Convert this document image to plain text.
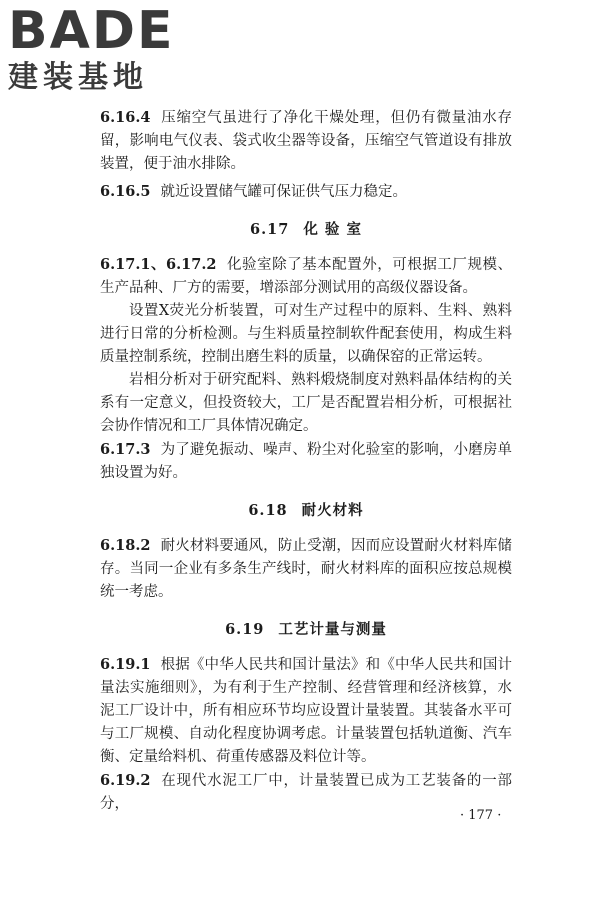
BADE
建装基地

6.16.4 压缩空气虽进行了净化干燥处理，但仍有微量油水存留，影响电气仪表、袋式收尘器等设备，压缩空气管道设有排放装置，便于油水排除。

6.16.5 就近设置储气罐可保证供气压力稳定。

6.17 化 验 室

6.17.1、6.17.2 化验室除了基本配置外，可根据工厂规模、生产品种、厂方的需要，增添部分测试用的高级仪器设备。

设置X荧光分析装置，可对生产过程中的原料、生料、熟料进行日常的分析检测。与生料质量控制软件配套使用，构成生料质量控制系统，控制出磨生料的质量，以确保窑的正常运转。

岩相分析对于研究配料、熟料煅烧制度对熟料晶体结构的关系有一定意义，但投资较大，工厂是否配置岩相分析，可根据社会协作情况和工厂具体情况确定。

6.17.3 为了避免振动、噪声、粉尘对化验室的影响，小磨房单独设置为好。

6.18 耐火材料

6.18.2 耐火材料要通风，防止受潮，因而应设置耐火材料库储存。当同一企业有多条生产线时，耐火材料库的面积应按总规模统一考虑。

6.19 工艺计量与测量

6.19.1 根据《中华人民共和国计量法》和《中华人民共和国计量法实施细则》，为有利于生产控制、经营管理和经济核算，水泥工厂设计中，所有相应环节均应设置计量装置。其装备水平可与工厂规模、自动化程度协调考虑。计量装置包括轨道衡、汽车衡、定量给料机、荷重传感器及料位计等。

6.19.2 在现代水泥工厂中，计量装置已成为工艺装备的一部分，

· 177 ·
